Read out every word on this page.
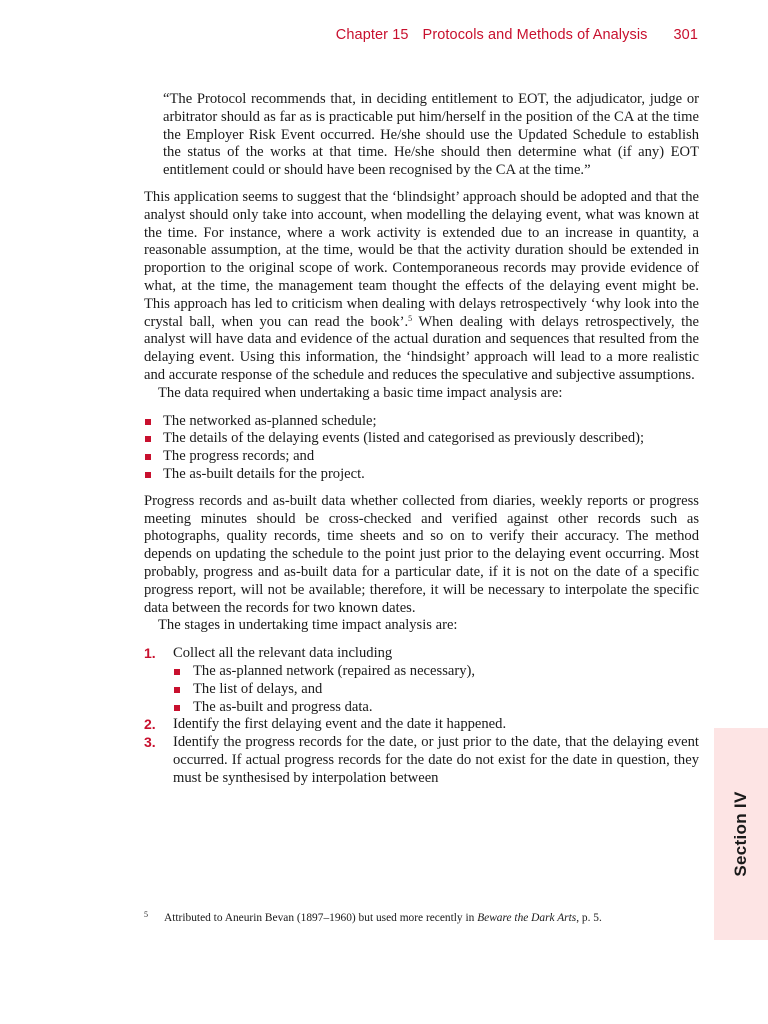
Chapter 15 Protocols and Methods of Analysis 301

“The Protocol recommends that, in deciding entitlement to EOT, the adjudicator, judge or arbitrator should as far as is practicable put him/herself in the position of the CA at the time the Employer Risk Event occurred. He/she should use the Updated Schedule to establish the status of the works at that time. He/she should then determine what (if any) EOT entitlement could or should have been recognised by the CA at the time.”

This application seems to suggest that the ‘blindsight’ approach should be adopted and that the analyst should only take into account, when modelling the delaying event, what was known at the time. For instance, where a work activity is extended due to an increase in quantity, a reasonable assumption, at the time, would be that the activity duration should be extended in proportion to the original scope of work. Contemporaneous records may provide evidence of what, at the time, the management team thought the effects of the delaying event might be. This approach has led to criticism when dealing with delays retrospectively ‘why look into the crystal ball, when you can read the book’.$^5$ When dealing with delays retrospectively, the analyst will have data and evidence of the actual duration and sequences that resulted from the delaying event. Using this information, the ‘hindsight’ approach will lead to a more realistic and accurate response of the schedule and reduces the speculative and subjective assumptions.

The data required when undertaking a basic time impact analysis are:

The networked as-planned schedule;
The details of the delaying events (listed and categorised as previously described);
The progress records; and
The as-built details for the project.

Progress records and as-built data whether collected from diaries, weekly reports or progress meeting minutes should be cross-checked and verified against other records such as photographs, quality records, time sheets and so on to verify their accuracy. The method depends on updating the schedule to the point just prior to the delaying event occurring. Most probably, progress and as-built data for a particular date, if it is not on the date of a specific progress report, will not be available; therefore, it will be necessary to interpolate the specific data between the records for two known dates.

The stages in undertaking time impact analysis are:

1. Collect all the relevant data including
The as-planned network (repaired as necessary),
The list of delays, and
The as-built and progress data.
2. Identify the first delaying event and the date it happened.
3. Identify the progress records for the date, or just prior to the date, that the delaying event occurred. If actual progress records for the date do not exist for the date in question, they must be synthesised by interpolation between
5	Attributed to Aneurin Bevan (1897–1960) but used more recently in Beware the Dark Arts, p. 5.
Section IV
